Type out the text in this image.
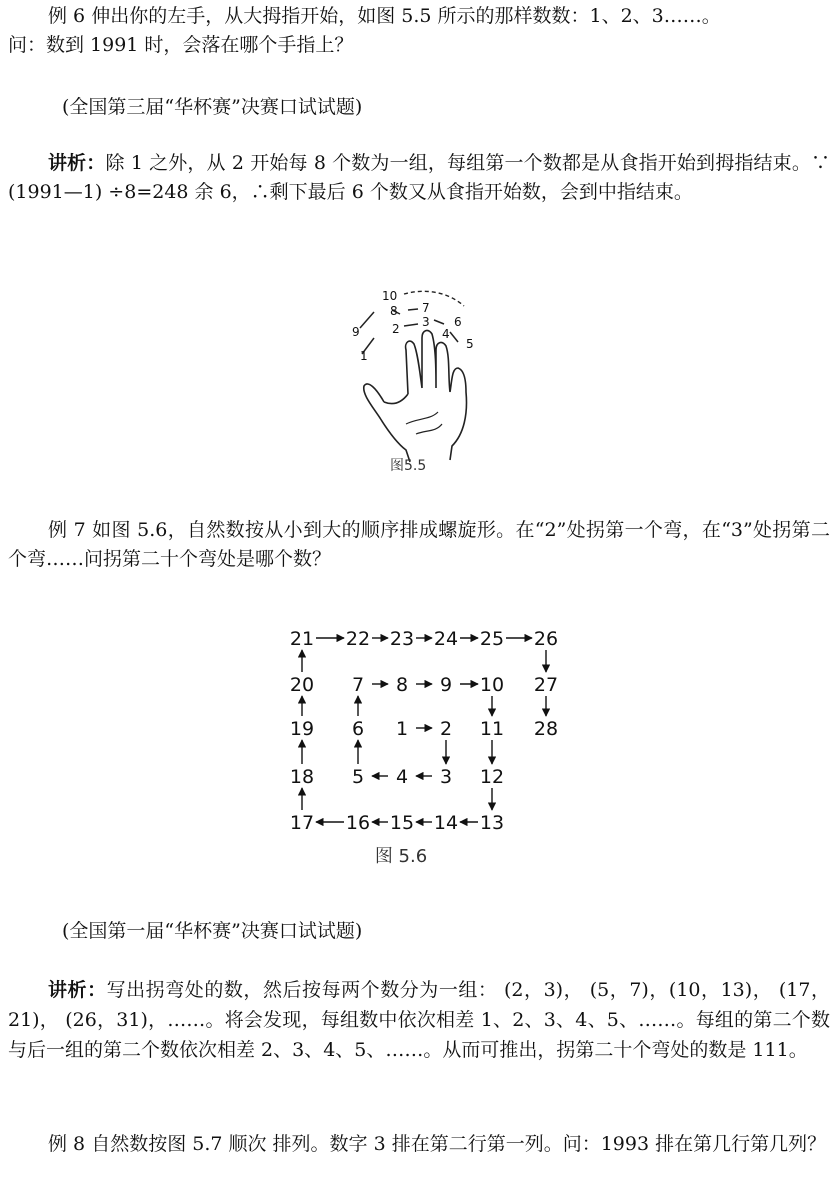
例 6 伸出你的左手，从大拇指开始，如图 5.5 所示的那样数数：1、2、3……。

问：数到 1991 时，会落在哪个手指上？

(全国第三届“华杯赛”决赛口试试题)

讲析：除 1 之外，从 2 开始每 8 个数为一组，每组第一个数都是从食指开始到拇指结束。∵ (1991—1) ÷8=248 余 6，∴剩下最后 6 个数又从食指开始数，会到中指结束。

10
8 7
9	2 3 6
4
5
1
图5.5

例 7 如图 5.6，自然数按从小到大的顺序排成螺旋形。在“2”处拐第一个弯，在“3”处拐第二个弯……问拐第二十个弯处是哪个数？

1 2
3
4
5
6
7 8 9 10
11
12
13
14
15
16
17
18
19
20
21 22 23 24 25 26
27
28
图 5.6

(全国第一届“华杯赛”决赛口试试题)

讲析：写出拐弯处的数，然后按每两个数分为一组： (2，3)， (5，7)，(10，13)， (17，21)， (26，31)，……。将会发现，每组数中依次相差 1、2、3、4、5、……。每组的第二个数与后一组的第二个数依次相差 2、3、4、5、……。从而可推出，拐第二十个弯处的数是 111。

例 8 自然数按图 5.7 顺次 排列。数字 3 排在第二行第一列。问：1993 排在第几行第几列？
